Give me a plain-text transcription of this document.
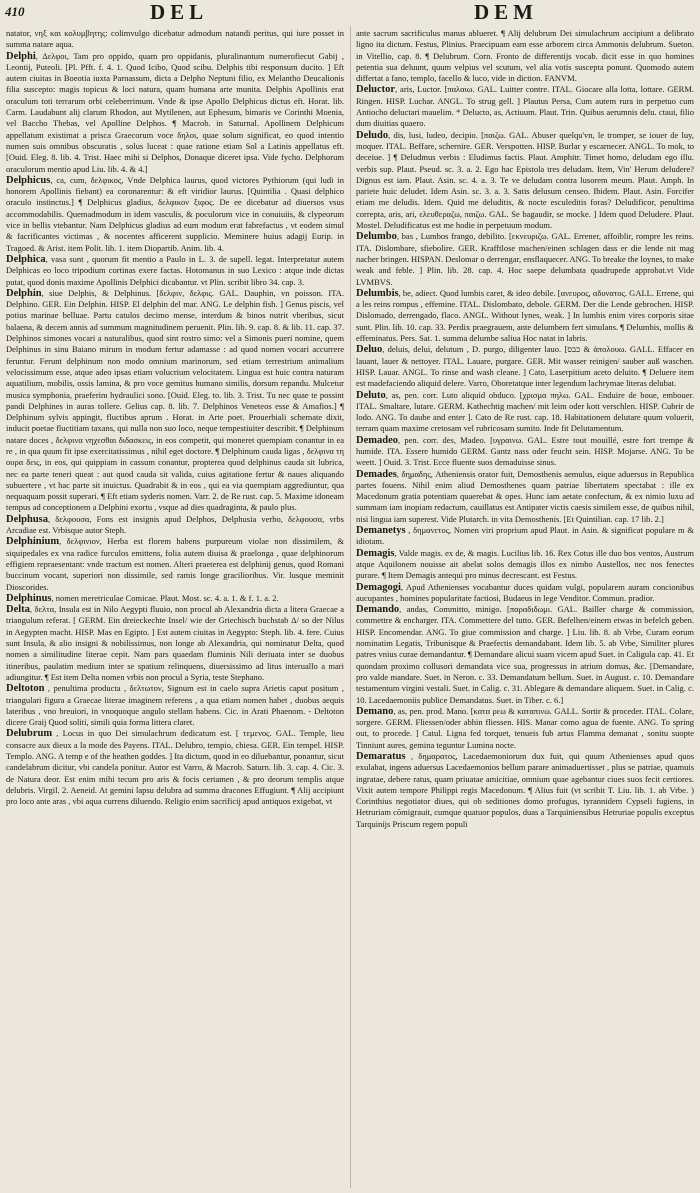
410	DEL	DEM

natator, νηξ και κολυμβητης: colimvulgo dicebatur admodum natandi peritus, qui iure posset in summa natare aqua.

Delphi, Δελφοι, Tam pro oppido, quam pro oppidanis, pluralinantum numerofiecut Gabij , Leontij, Puteoli. [Pl. Pfft. f. 4. 1. Quod Icibo, Quod scibu. Delphis tibi responsum ducito. ] Eft autem ciuitas in Boeotia iuxta Parnassum, dicta a Delpho Neptuni filio, ex Melantho Deucalionis filia suscepto: magis topicus & loci natura, quam humana arte munita. Delphis Apollinis erat oraculum toti terrarum orbi celeberrimum. Vnde & ipse Apollo Delphicus dictus eft. Horat. lib. Carm. Laudabunt alij clarum Rhodon, aut Mytilenen, aut Ephesum, bimaris ve Corinthi Moenia, vel Baccho Thebas, vel Apolline Delphos. ¶ Macrob. in Saturnal. Apollinem Delphicum appellatum existimat a prisca Graecorum voce δηλοι, quae solum significat, eo quod intentio numen suis omnibus obscuratis , solus luceat : quae ratione etiam Sol a Latinis appellatus eft. [Ouid. Eleg. 8. lib. 4. Trist. Haec mihi si Delphos, Donaque diceret ipsa. Vide fycho. Delphorum oraculorum mentio apud Liu. lib. 4. & 4.]

Delphicus, ca, cum, δελφικος, Vnde Delphica laurus, quod victores Pythiorum (qui ludi in honorem Apollinis fiebant) ea coronarentur: & eft viridior laurus. [Quintilia . Quasi delphico oraculo instinctus.] ¶ Delphicus gladius, δελφικον ξιφος. De ee dicebatur ad diuersos vsus accommodabilis. Quemadmodum in idem vasculis, & poculorum vice in conuiuiis, & clypeorum vice in bellis vtebantur. Nam Delphicus gladius ad eum modum erat fabrefactus , vt eodem simul & facrificantes victimas , & nocentes afficerent supplicio. Meminere huius adagij Eurip. in Tragoed. & Arist. item Polit. lib. 1. item Diopartib. Anim. lib. 4.

Delphica, vasa sunt , quorum fit mentio a Paulo in L. 3. de supell. legat. Interpretatur autem Delphicas eo loco tripodium cortinas exere factas. Hotomanus in suo Lexico : atque inde dictas putat, quod donis maxime Apollinis Delphici dicabantur. vt Plin. scribit libro 34. cap. 3.

Delphin, siue Delphis, & Delphinus. [δελφιν, δελφις. GAL. Dauphin, vn poisson. ITA. Delphino. GER. Ein Delphin. HISP. El delphin del mar. ANG. Le delphin fish. ] Genus piscis, vel potius marinae belluae. Partu catulos decimo mense, interdum & binos nutrit vberibus, sicut balaena, & decem annis ad summum magnitudinem peruenit. Plin. lib. 9. cap. 8. & lib. 11. cap. 37. Delphinos simones vocari a naturalibus, quod sint rostro simo: vel a Simonis pueri nomine, quem Delphinus in sinu Baiano mirum in modum fertur adamasse : ad quod nomen vocari accurrere feruntur. Ferunt delphinum non modo omnium marinorum, sed etiam terrestrium animalium velocissimum esse, atque adeo ipsas etiam volucrium velocitatem. Lingua est huic contra naturam aquatilium, mobilis, ossis lamina, & pro voce gemitus humano similis, dorsum repandu. Mulcetur musica symphonia, praeferim hydraulici sono. [Ouid. Eleg. to. lib. 3. Trist. Tu nec quae te possint pandi Delphines in auras tollere. Gelius cap. 8. lib. 7. Delphinos Veneteos esse & Amafios.] ¶ Delphinum sylvis appingit, fluctibus aprum . Horat. in Arte poet. Prouerbiali schemate dixit, inducit poetae fluctitiam taxans, qui nulla non suo loco, neque tempestiuiter describit. ¶ Delphinum natare doces , δελφινα νηχεσθαι διδασκεις, in eos competit, qui moneret quempiam conantur in ea re , in qua quum fit ipse exercitatissimus , nihil eget doctore. ¶ Delphinum cauda ligas , δελφινα τη ουρα δεις, in eos, qui quippiam in cassum conantur, propterea quod delphinus cauda sit lubrica, nec ea parte teneri queat : aut quod cauda sit valida, cuius agitatione fertur & naues aliquando subuertere , vt hac parte sit inuictus. Quadrabit & in eos , qui ea via quempiam aggrediuntur, qua nequaquam possit superari. ¶ Eft etiam syderis nomen. Varr. 2. de Re rust. cap. 5. Maxime idoneam tempus ad conceptionem a Delphini exortu , vsque ad dies quadraginta, & paulo plus.

Delphusa, δελφουσα, Fons est insignis apud Delphos, Delphusia verbo, δελφουσα, vrbs Arcadiae est. Vrbisque autor Steph.

Delphinium, δελφινιον, Herba est florem habens purpureum violae non dissimilem, & siquipedales ex vna radice furculos emittens, folia autem diuisa & praelonga , quae delphinorum effigiem repraesentant: vnde tractum est nomen. Alteri praeterea est delphinij genus, quod Romani buccinum vocant, superiori non dissimile, sed ramis longe gracilioribus. Vir. lusque meminit Dioscorides.

Delphinus, nomen meretriculae Comicae. Plaut. Most. sc. 4. a. 1. & f. 1. a. 2.

Delta, δελτα, Insula est in Nilo Aegypti fluuio, non procul ab Alexandria dicta a litera Graecae a triangulum referat. [ GERM. Ein dreieckechte Insel/ wie der Griechisch buchstab Δ/ so der Nilus in Aegypten macht. HISP. Mas en Egipto. ] Est autem ciuitas in Aegypto: Steph. lib. 4. fere. Cuius sunt Insula, & alio insigni & nobilissimus, non longe ab Alexandria, qui nominatur Delta, quod nomen a similitudine literae cepit. Nam pars quaedam fluminis Nili deriuata inter se duobus itineribus, paulatim medium inter se spatium relinquens, diuersissimo ad litus interuallo a mari adiungitur. ¶ Est item Delta nomen vrbis non procul a Syria, teste Stephano.

Deltoton , penultima producta , δελτωτον, Signum est in caelo supra Arietis caput positum , triangulari figura a Graecae literae imaginem referens , a qua etiam nomen habet , duobus aequis lateribus , vno breuiori, in vnoquoque angulo stellam habens. Cic. in Arati Phaenom. - Deltoton dicere Graij Quod soliti, simili quia forma littera claret.

Delubrum , Locus in quo Dei simulachrum dedicatum est. [ τεμενος. GAL. Temple, lieu consacre aux dieux a la mode des Payens. ITAL. Delubro, tempio, chiesa. GER. Ein tempel. HISP. Templo. ANG. A temp e of the heathen goddes. ] Ita dictum, quod in eo diluebantur, ponantur, sicut candelabrum dicitur, vbi candela ponitur. Autor est Varro, & Macrob. Saturn. lib. 3. cap. 4. Cic. 3. de Natura deor. Est enim mihi tecum pro aris & focis certamen , & pro deorum templis atque delubris. Virgil. 2. Aeneid. At gemini lapsu delubra ad summa dracones Effugiunt. ¶ Alij accipiunt pro loco ante aras , vbi aqua currens diluendo. Religio enim sacrificij apud antiquos exigebat, vt

ante sacrum sacrificulus manus ablueret. ¶ Alij delubrum Dei simulachrum accipiunt a delibrato ligno ita dictum. Festus, Plinius. Praecipuam eam esse arborem circa Ammonis delubrum. Sueton. in Vitellio, cap. 8. ¶ Delubrum. Corn. Fronto de differentijs vocab. dicit esse in quo homines petentia sua deluunt, quum velpius vel scutum, vel alia votis suscepta ponunt. Quomodo autem differtat a fano, templo, facello & luco, vide in diction. FANVM.

Deluctor, aris, Luctor. [παλαιω. GAL. Luitter contre. ITAL. Giocare alla lotta, lottare. GERM. Ringen. HISP. Luchar. ANGL. To strug gell. ] Plautus Persa, Cum autem rura in perpetuo cum Antiocho deluctari mauelim. * Delucto, as, Actiuum. Plaut. Trin. Quibus aerumnis delu. ctaui, filio dum diuitias quaero.

Deludo, dis, lusi, ludeo, decipio. [παιζω. GAL. Abuser quelqu'vn, le tromper, se iouer de luy, moquer. ITAL. Beffare, schernire. GER. Verspotten. HISP. Burlar y escarnecer. ANGL. To mok, to deceiue. ] ¶ Deludmus verbis : Eludimus factis. Plaut. Amphitr. Timet homo, deludam ego illu. verbis sup. Plaut. Pseud. sc. 3. a. 2. Ego hac Epistola tres deludam. Item, Vin' Herum deludere? Dignus est iam. Plaut. Asin. sc. 4. a. 3. Te ve deludam contra lusorem meum. Plaut. Amph. In pariete huic deludet. Idem Asin. sc. 3. a. 3. Satis delusum censeo. Ibidem. Plaut. Asin. Forcifer etiam me deludis. Idem. Quid me deluditis, & nocte esculeditis foras? Deludificor, penultima correpta, aris, ari, ελευθεραζω, παιζω. GAL. Se bagaudir, se mocke. ] Idem quod Deludere. Plaut. Mostel. Deludificatus est me hodie in perpetuum modum.

Delumbo, bas , Lumbos frango, debilito. [εκνευριζω. GAL. Errener, affoiblir, rompre les reins. ITA. Dislombare, sfiebolire. GER. Krafftlose machen/einen schlagen dass er die lende nit mag nacher bringen. HISPAN. Deslomar o derrengar, ensflaquecer. ANG. To breake the loynes, to make weak and feble. ] Plin. lib. 28. cap. 4. Hoc saepe delumbata quadrupede approbat.vt Vide LVMBVS.

Delumbis, be, adiect. Quod lumbis caret, & ideo debile. [ανευρος, αδυνατος. GALL. Errene, qui a les reins rompus , effemine. ITAL. Dislombato, debole. GERM. Der die Lende gebrochen. HISP. Dislomado, derrengado, flaco. ANGL. Without lynes, weak. ] In lumbis enim vires corporis sitae sunt. Plin. lib. 10. cap. 33. Perdix praegrauem, ante delumbem fert simulans. ¶ Delumbis, mollis & effeminatus. Pers. Sat. 1. summa delumbe saliua Hoc natat in labris.

Deluo, deluis, delui, delutum , D. purgo, diligenter lauo. [כבס & ἀπολουω. GALL. Effacer en lauant, lauer & nettoyer. ITAL. Lauare, purgare. GER. Mit wasser reinigen/ sauber auß waschen. HISP. Lauar. ANGL. To rinse and wash cleane. ] Cato, Laserpitium aceto deluito. ¶ Deluere item est madefaciendo aliquid delere. Varro, Oboretatque inter legendum lachrymae literas delubat.

Deluto, as, pen. corr. Luto aliquid obduco. [χρισμα πηλω. GAL. Enduire de boue, embouer. ITAL. Smaltare, lutare. GERM. Kathechtig machen/ mit leim oder kott verschlen. HISP. Cubrir de lodo. ANG. To daube and enter ]. Cato de Re rust. cap. 18. Habitationem delutare quum voluerit, terram quam maxime cretosam vel rubricosam sumito. Inde fit Delutamentum.

Demadeo, pen. corr. des, Madeo. [υγραινω. GAL. Estre tout mouillé, estre fort trempe & humide. ITA. Essere humido GERM. Gantz nass oder feucht sein. HISP. Mojarse. ANG. To be weett. ] Ouid. 3. Trist. Ecce fluente suos demaduisse sinus.

Demades, δημαδης, Atheniensis orator fuit, Demosthenis aemulus, eique aduersus in Republica partes fouens. Nihil enim aliud Demosthenes quam patriae libertatem spectabat : ille ex Macedonum gratia potentiam quaerebat & opes. Hunc iam aetate confectum, & ex nimio luxu ad summam iam inopiam redactum, cauillatus est Antipater victis caesis similem esse, de quibus nihil, nisi lingua iam superest. Vide Plutarch. in vita Demosthenis. [Et Quintilian. cap. 17 lib. 2.]

Demanetys , δημανετος, Nomen viri proprium apud Plaut. in Asin. & significat populare m & idiotam.

Demagis, Valde magis. ex de, & magis. Lucilius lib. 16. Rex Cotus ille duo bos ventos, Austrum atque Aquilonem nouisse ait abelat solos demagis illos ex nimbo Austellos, nec nos fenectes purare. ¶ Item Demagis antequi pro minus decrescant. est Festus.

Demagogi, Apud Athenienses vocabantur duces quidam vulgi, popularem auram concionibus aucupantes , homines popularitate factiosi, Budaeus in lege Venditor. Commun. pradior.

Demando, andas, Committo, minigo. [παραδιδωμι. GAL. Bailler charge & commission, commettre & encharger. ITA. Commettere del tutto. GER. Befelhen/einem etwas in befelch geben. HISP. Encomendar. ANG. To giue commission and charge. ] Liu. lib. 8. ab Vrbe, Curam eorum nominatim Legatis, Tribunisque & Praefectis demandabant. Idem lib. 5. ab Vrbe, Similiter plures patres vnius curae demandantur. ¶ Demandare alicui suam vicem apud Suet. in Caligula cap. 41. Et quondam proximo collusori demandata vice sua, progressus in atrium domus, &c. [Demandare, pro valde mandare. Suet. in Neron. c. 33. Demandatum bellum. Suet. in August. c. 10. Demandare testamentum virgini vestali. Suet. in Calig. c. 31. Ablegare & demandare aliquem. Suet. in Calig. c. 10. Lacedaemoniis publice Demandatus. Suet. in Tiber. c. 6.]

Demano, as, pen. prod. Mano. [κατα ρεω & καταπινω. GALL. Sortir & proceder. ITAL. Colare, sorgere. GERM. Fliessen/oder abhin fliessen. HIS. Manar como agua de fuente. ANG. To spring out, to procede. ] Catul. Ligna fed torquet, tenueis fub artus Flamma demanat , sonitu suopte Tinniunt aures, gemina teguntur Lumina nocte.

Demaratus , δημαρατος, Lacedaemoniorum dux fuit, qui quum Athenienses apud quos exulabat, ingens aduersus Lacedaemonios bellum parare animaduertisset , plus se patriae, quamuis ingratae, debere ratus, quam priuatae amicitiae, omnium quae agebantur ciues suos fecit certiores. Vixit autem tempore Philippi regis Macedonum. ¶ Alius fuit (vt scribit T. Liu. lib. 1. ab Vrbe. ) Corinthius negotiator diues, qui ob seditiones domo profugus, tyrannidem Cypseli fugiens, in Hetruriam cōmigrauit, cumque quatuor populos, duas a Tarquiniensibus Hetruriae populis exceptus Tarquinijs Priscum regem populi
